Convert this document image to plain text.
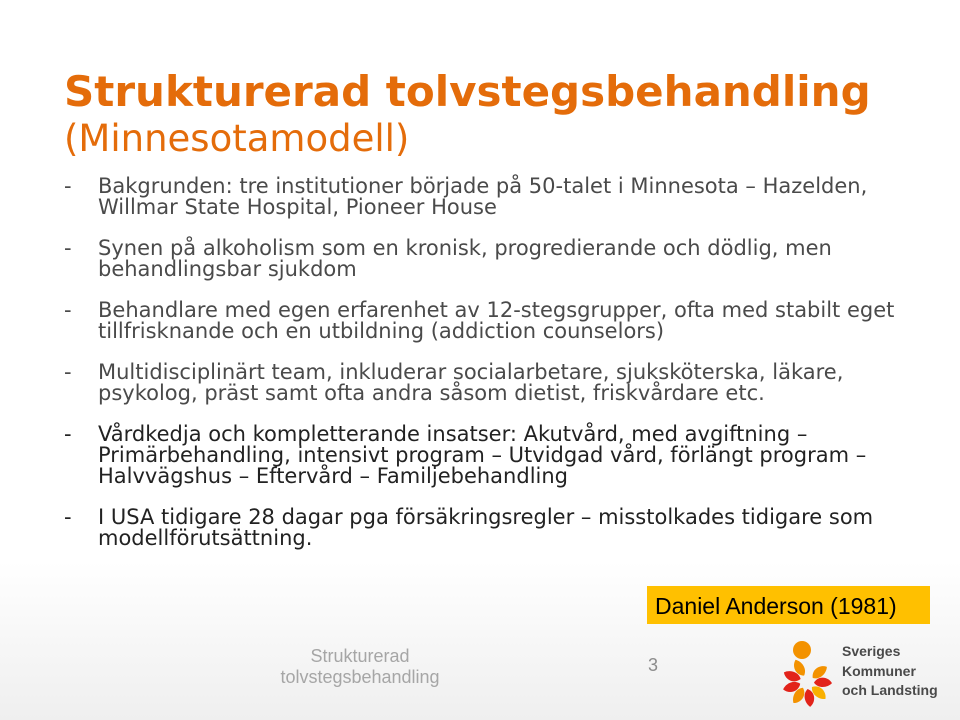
Strukturerad tolvstegsbehandling
(Minnesotamodell)
- Bakgrunden: tre institutioner började på 50-talet i Minnesota – Hazelden,
Willmar State Hospital, Pioneer House
- Synen på alkoholism som en kronisk, progredierande och dödlig, men
behandlingsbar sjukdom
- Behandlare med egen erfarenhet av 12-stegsgrupper, ofta med stabilt eget
tillfrisknande och en utbildning (addiction counselors)
- Multidisciplinärt team, inkluderar socialarbetare, sjuksköterska, läkare,
psykolog, präst samt ofta andra såsom dietist, friskvårdare etc.
- Vårdkedja och kompletterande insatser: Akutvård, med avgiftning –
Primärbehandling, intensivt program – Utvidgad vård, förlängt program –
Halvvägshus – Eftervård – Familjebehandling
- I USA tidigare 28 dagar pga försäkringsregler – misstolkades tidigare som
modellförutsättning.
Daniel Anderson (1981)
Strukturerad
tolvstegsbehandling
3
Sveriges
Kommuner
och Landsting
